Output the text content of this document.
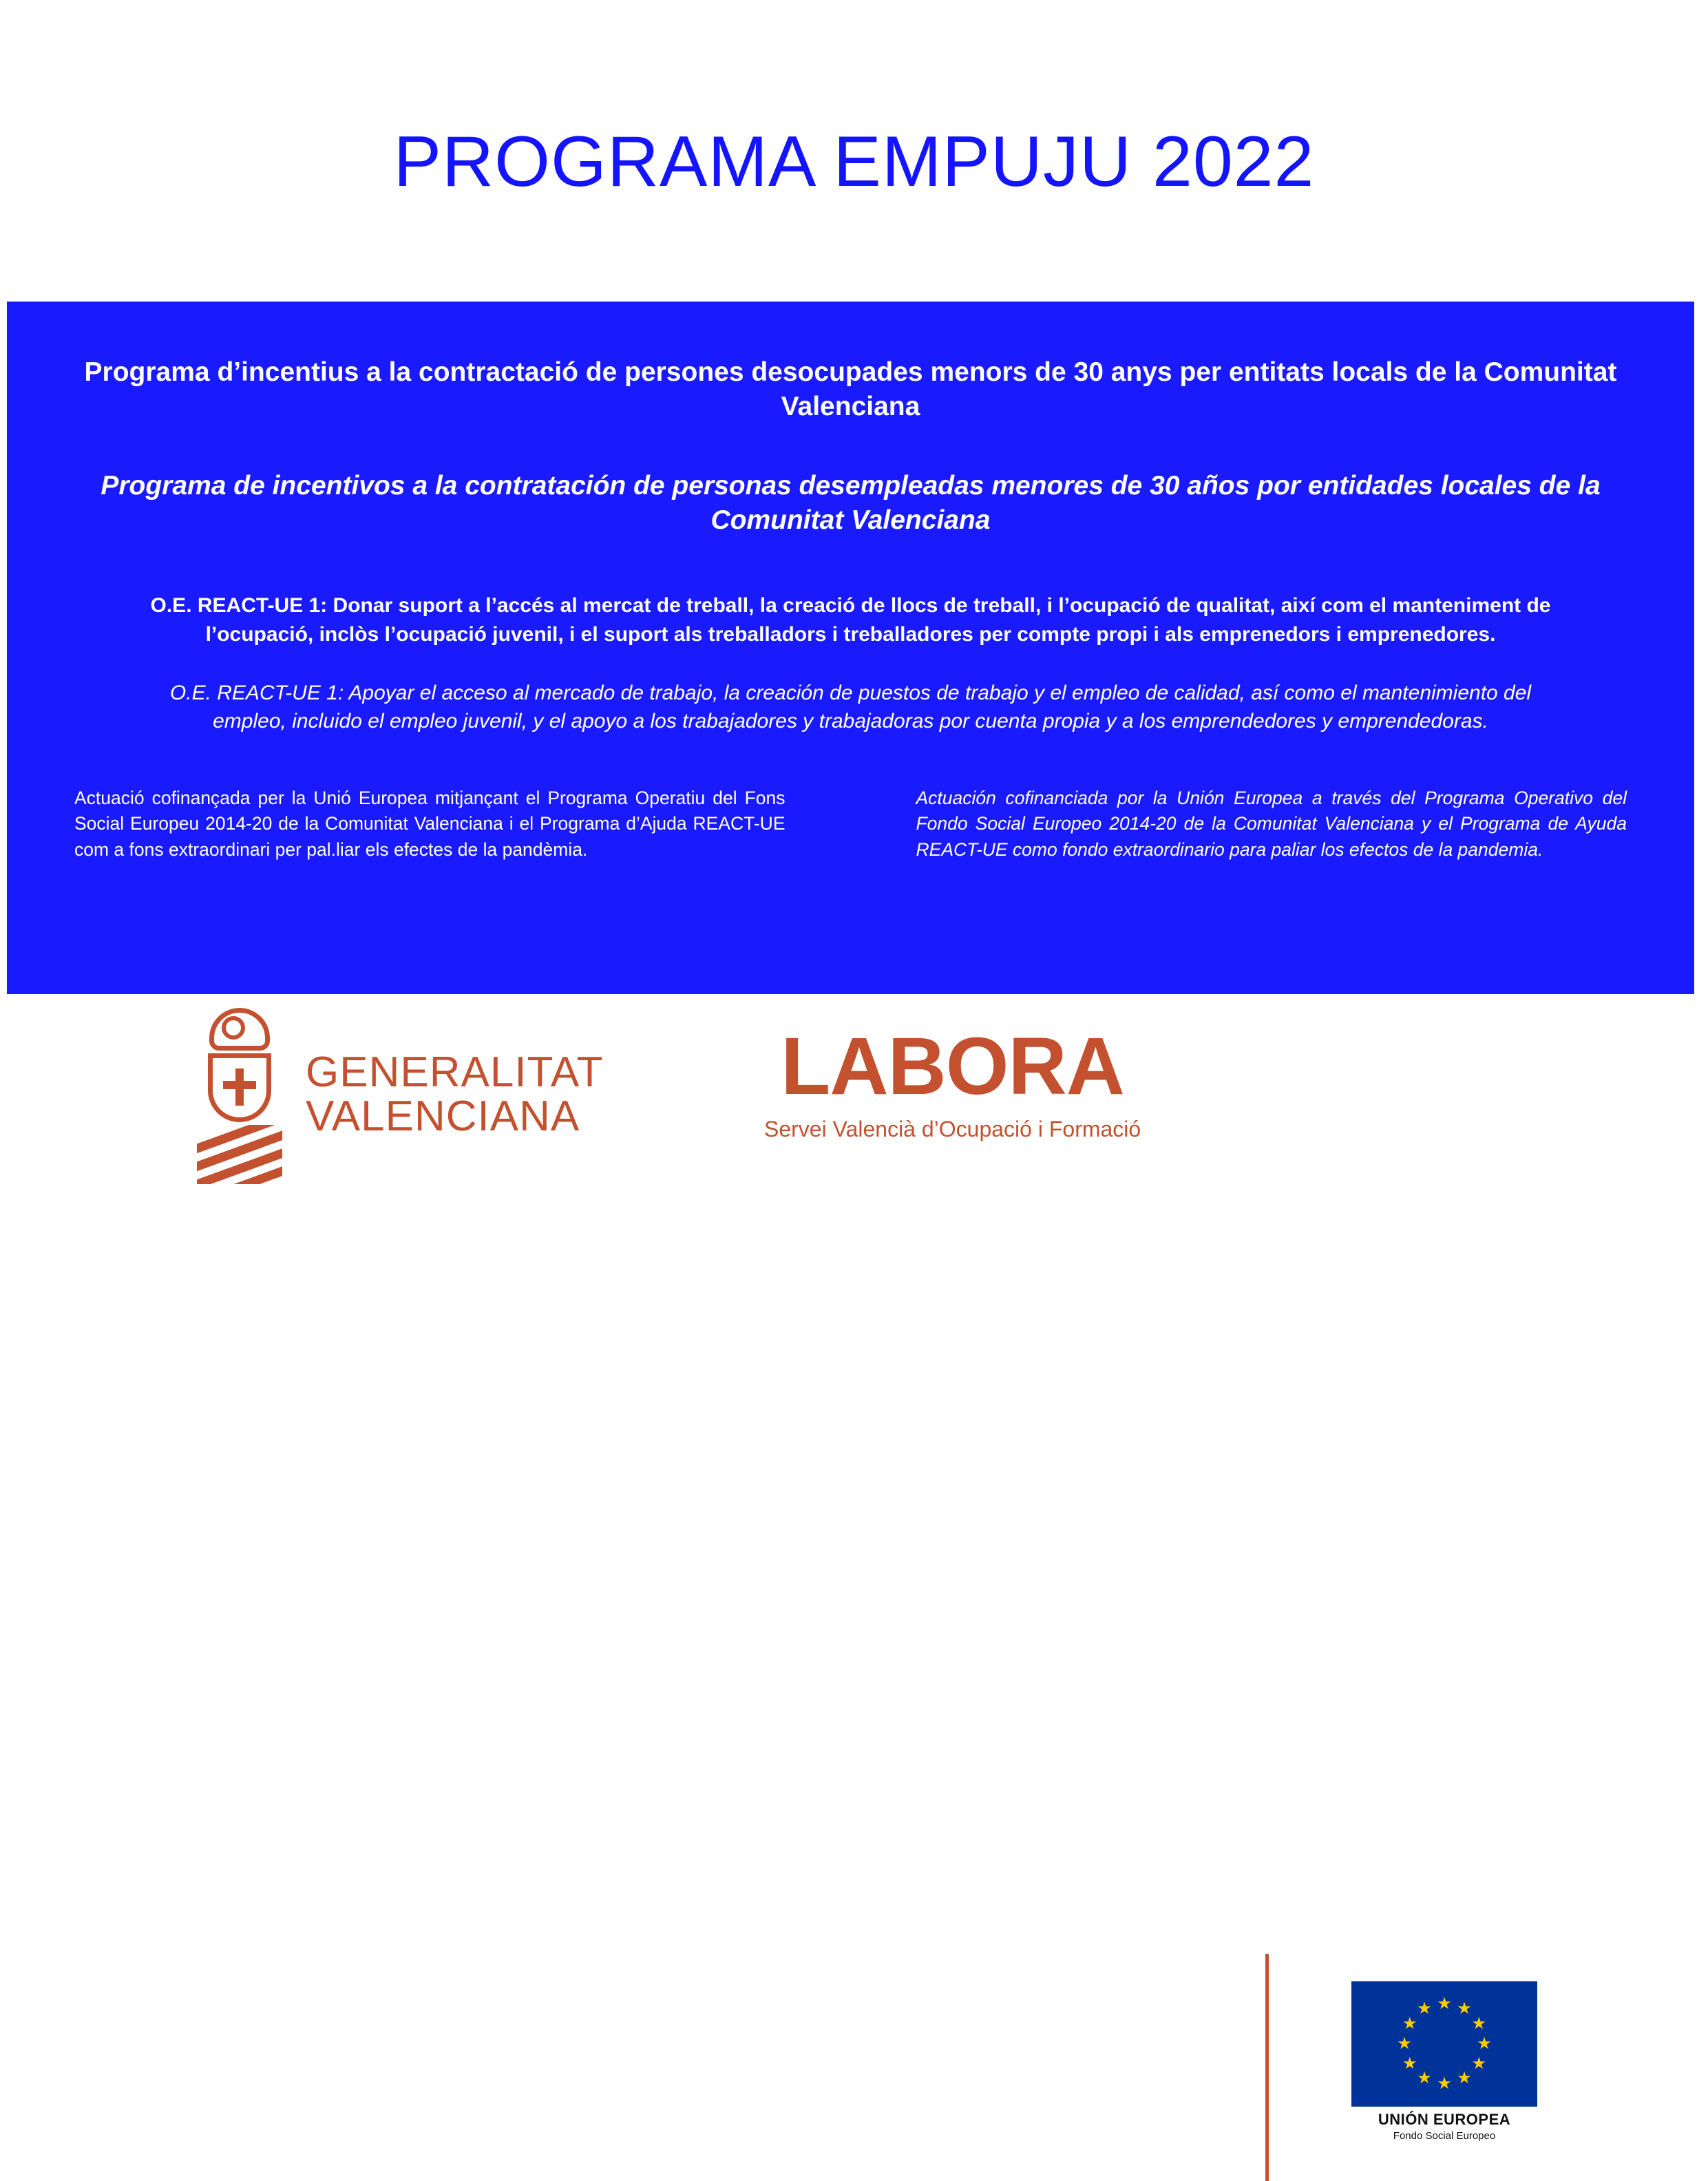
PROGRAMA EMPUJU 2022
Programa d’incentius a la contractació de persones desocupades menors de 30 anys per entitats locals de la Comunitat Valenciana
Programa de incentivos a la contratación de personas desempleadas menores de 30 años por entidades locales de la Comunitat Valenciana
O.E. REACT-UE 1: Donar suport a l’accés al mercat de treball, la creació de llocs de treball, i l’ocupació de qualitat, així com el manteniment de l’ocupació, inclòs l’ocupació juvenil, i el suport als treballadors i treballadores per compte propi i als emprenedors i emprenedores.
O.E. REACT-UE 1: Apoyar el acceso al mercado de trabajo, la creación de puestos de trabajo y el empleo de calidad, así como el mantenimiento del empleo, incluido el empleo juvenil, y el apoyo a los trabajadores y trabajadoras por cuenta propia y a los emprendedores y emprendedoras.
Actuació cofinançada per la Unió Europea mitjançant el Programa Operatiu del Fons Social Europeu 2014-20 de la Comunitat Valenciana i el Programa d’Ajuda REACT-UE com a fons extraordinari per pal.liar els efectes de la pandèmia.
Actuación cofinanciada por la Unión Europea a través del Programa Operativo del Fondo Social Europeo 2014-20 de la Comunitat Valenciana y el Programa de Ayuda REACT-UE como fondo extraordinario para paliar los efectos de la pandemia.
GENERALITAT
VALENCIANA
LABORA
Servei Valencià d’Ocupació i Formació
★ ★
★
★
★
★
★
★
★
★
★
★
UNIÓN EUROPEA
Fondo Social Europeo
